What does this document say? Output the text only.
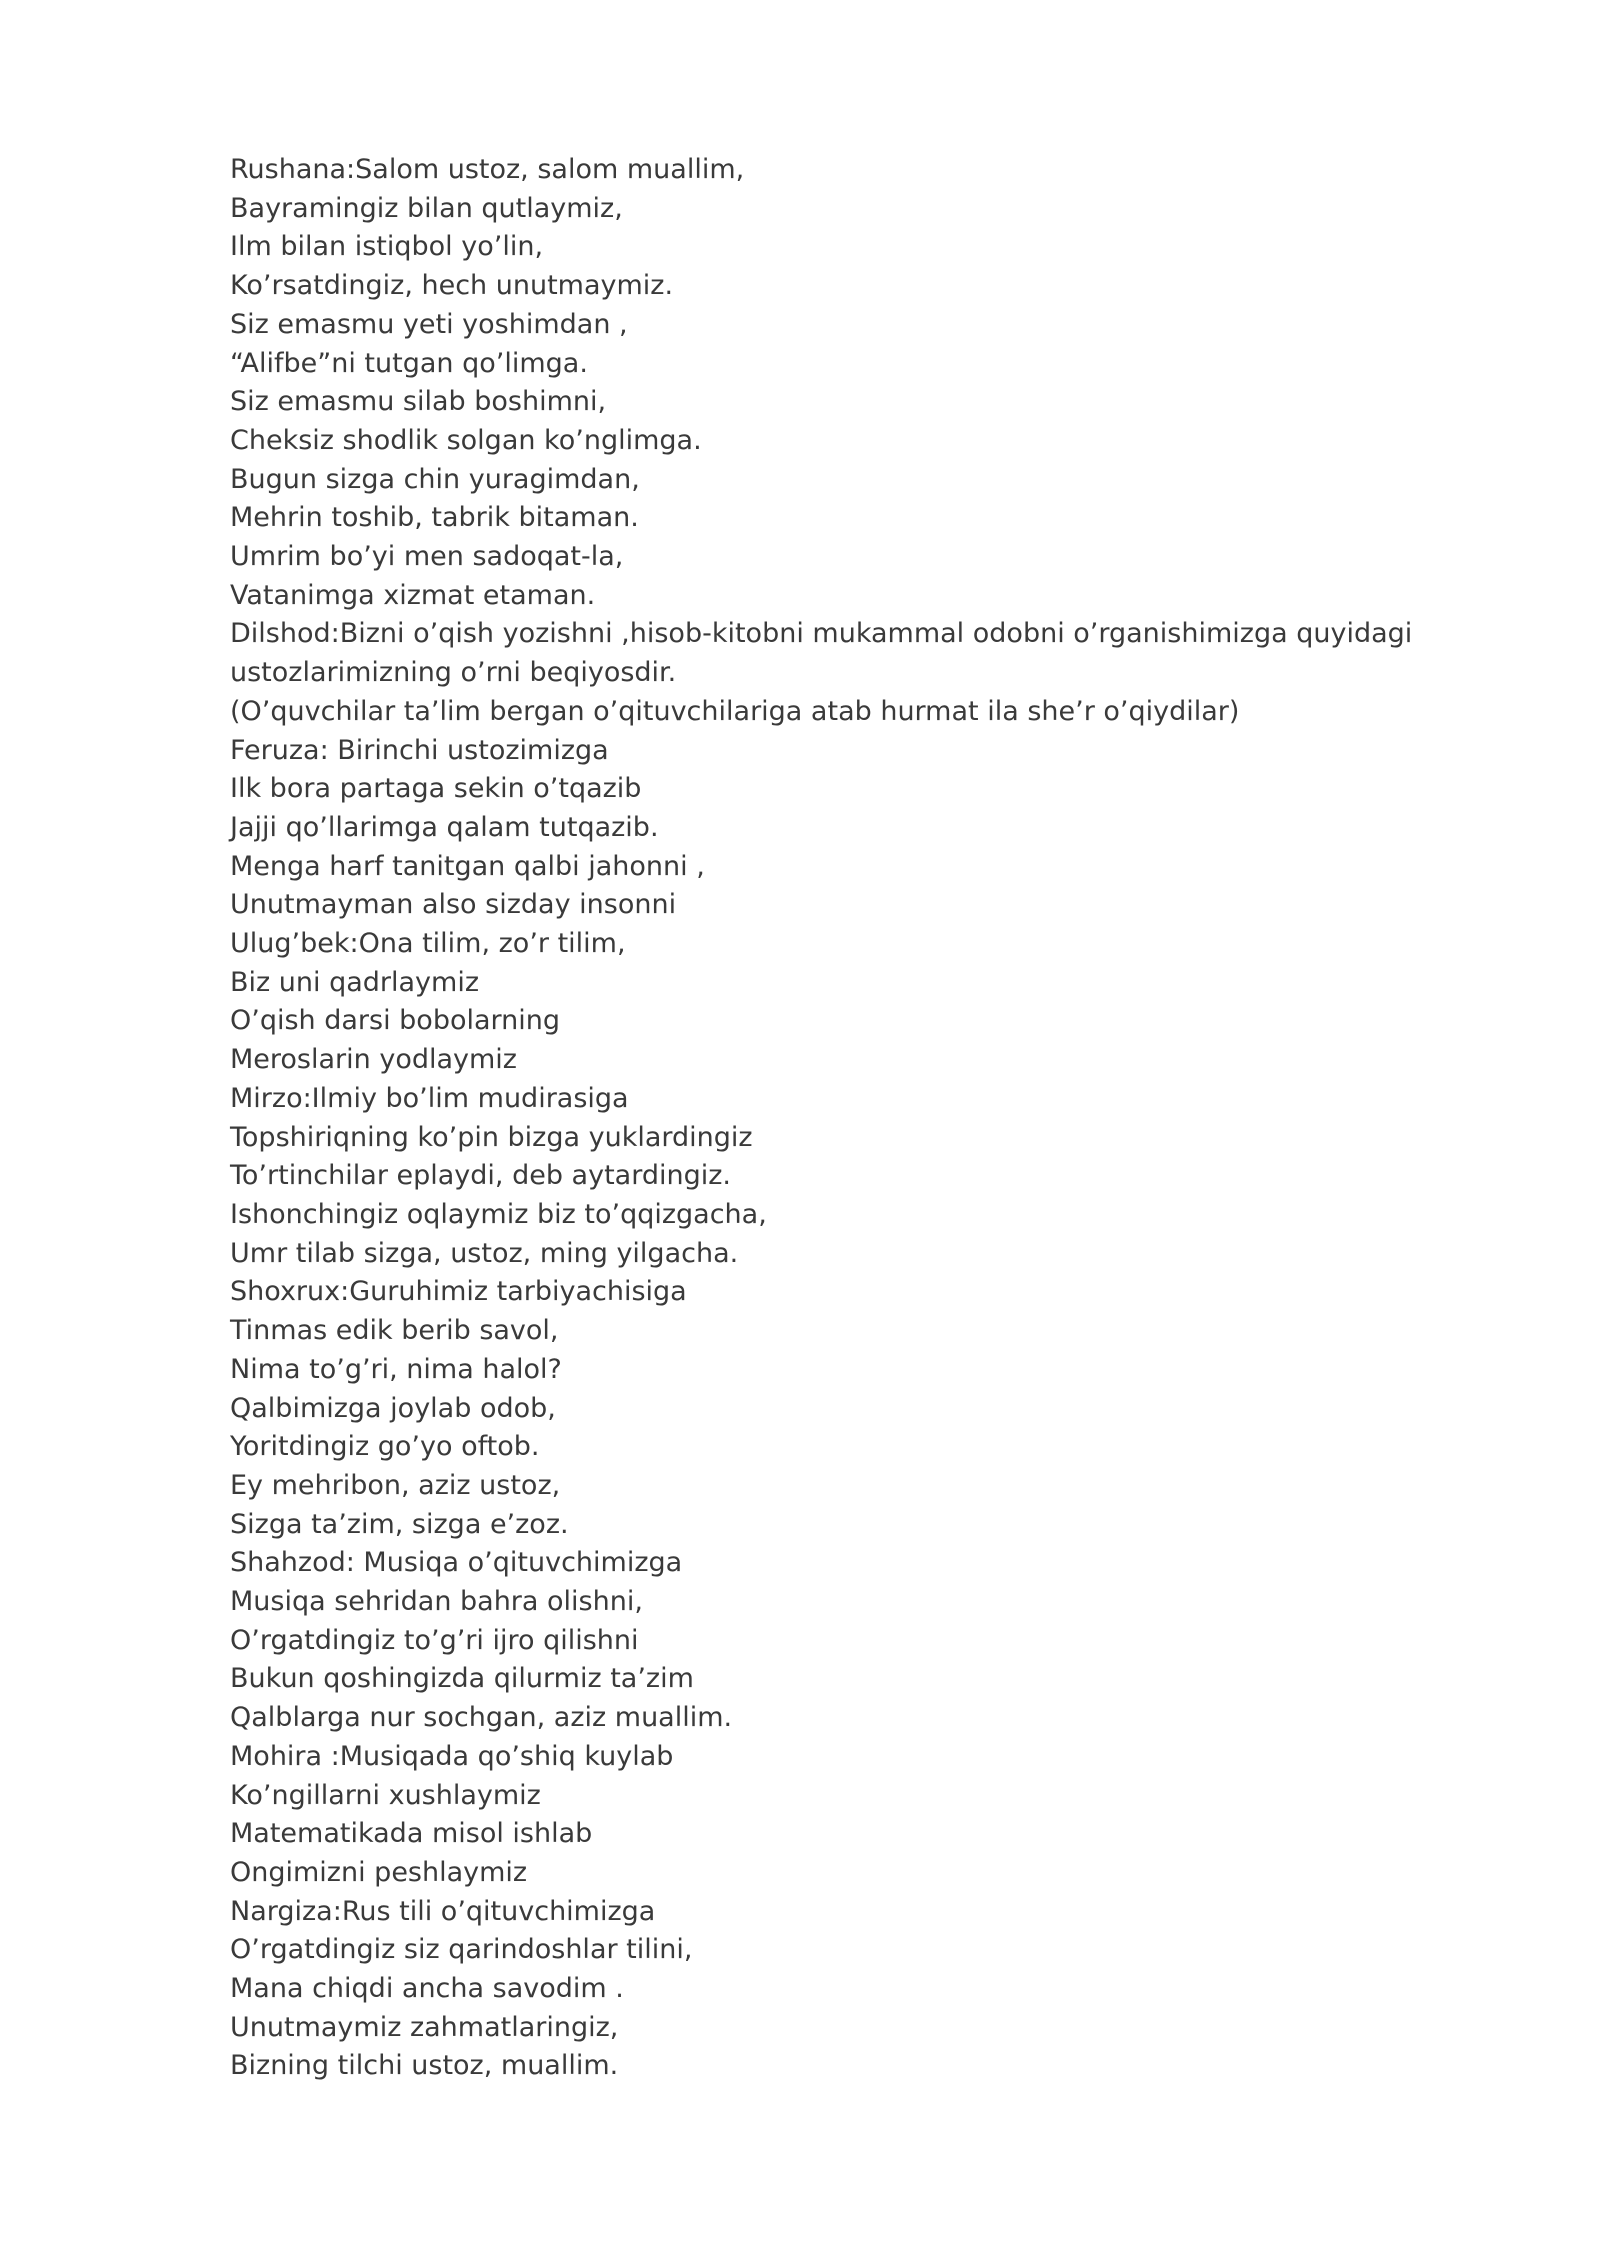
Rushana:Salom ustoz, salom muallim,
Bayramingiz bilan qutlaymiz,
Ilm bilan istiqbol yo’lin,
Ko’rsatdingiz, hech unutmaymiz.
Siz emasmu yeti yoshimdan ,
“Alifbe”ni tutgan qo’limga.
Siz emasmu silab boshimni,
Cheksiz shodlik solgan ko’nglimga.
Bugun sizga chin yuragimdan,
Mehrin toshib, tabrik bitaman.
Umrim bo’yi men sadoqat-la,
Vatanimga xizmat etaman.
Dilshod:Bizni o’qish yozishni ,hisob-kitobni mukammal odobni o’rganishimizga quyidagi
ustozlarimizning o’rni beqiyosdir.
(O’quvchilar ta’lim bergan o’qituvchilariga atab hurmat ila she’r o’qiydilar)
Feruza: Birinchi ustozimizga
Ilk bora partaga sekin o’tqazib
Jajji qo’llarimga qalam tutqazib.
Menga harf tanitgan qalbi jahonni ,
Unutmayman also sizday insonni
Ulug’bek:Ona tilim, zo’r tilim,
Biz uni qadrlaymiz
O’qish darsi bobolarning
Meroslarin yodlaymiz
Mirzo:Ilmiy bo’lim mudirasiga
Topshiriqning ko’pin bizga yuklardingiz
To’rtinchilar eplaydi, deb aytardingiz.
Ishonchingiz oqlaymiz biz to’qqizgacha,
Umr tilab sizga, ustoz, ming yilgacha.
Shoxrux:Guruhimiz tarbiyachisiga
Tinmas edik berib savol,
Nima to’g’ri, nima halol?
Qalbimizga joylab odob,
Yoritdingiz go’yo oftob.
Ey mehribon, aziz ustoz,
Sizga ta’zim, sizga e’zoz.
Shahzod: Musiqa o’qituvchimizga
Musiqa sehridan bahra olishni,
O’rgatdingiz to’g’ri ijro qilishni
Bukun qoshingizda qilurmiz ta’zim
Qalblarga nur sochgan, aziz muallim.
Mohira :Musiqada qo’shiq kuylab
Ko’ngillarni xushlaymiz
Matematikada misol ishlab
Ongimizni peshlaymiz
Nargiza:Rus tili o’qituvchimizga
O’rgatdingiz siz qarindoshlar tilini,
Mana chiqdi ancha savodim .
Unutmaymiz zahmatlaringiz,
Bizning tilchi ustoz, muallim.
